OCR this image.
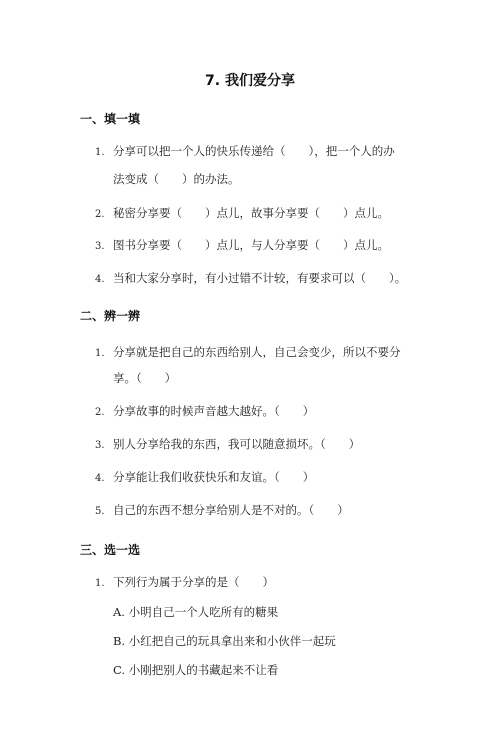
7. 我们爱分享
一、填一填
1. 分享可以把一个人的快乐传递给（　　），把一个人的办
法变成（　　）的办法。
2. 秘密分享要（　　）点儿，故事分享要（　　）点儿。
3. 图书分享要（　　）点儿，与人分享要（　　）点儿。
4. 当和大家分享时，有小过错不计较，有要求可以（　　）。
二、辨一辨
1. 分享就是把自己的东西给别人，自己会变少，所以不要分
享。（　　）
2. 分享故事的时候声音越大越好。（　　）
3. 别人分享给我的东西，我可以随意损坏。（　　）
4. 分享能让我们收获快乐和友谊。（　　）
5. 自己的东西不想分享给别人是不对的。（　　）
三、选一选
1. 下列行为属于分享的是（　　）
A. 小明自己一个人吃所有的糖果
B. 小红把自己的玩具拿出来和小伙伴一起玩
C. 小刚把别人的书藏起来不让看
